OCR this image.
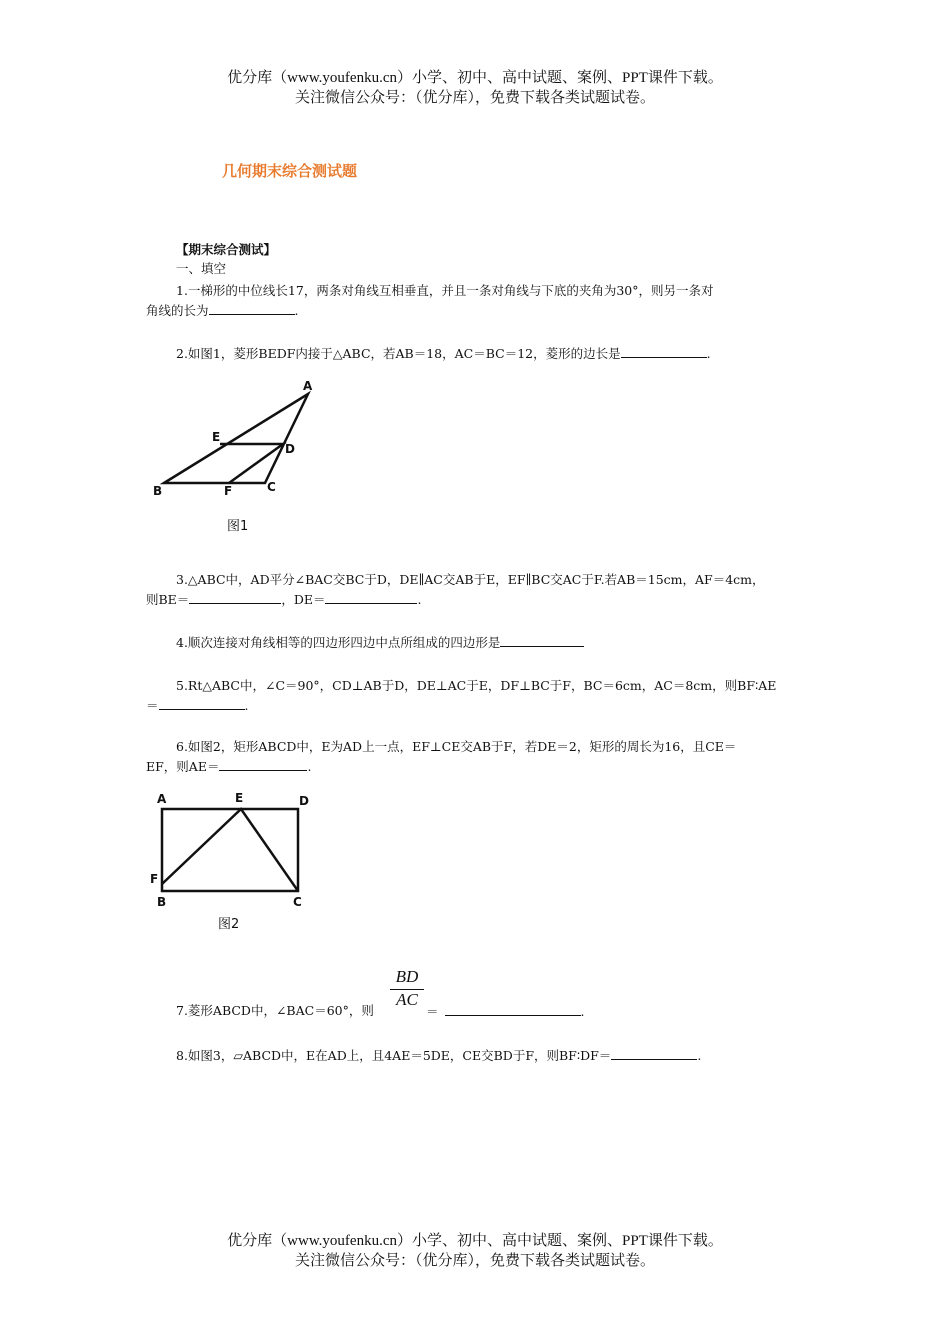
优分库（www.youfenku.cn）小学、初中、高中试题、案例、PPT课件下载。
关注微信公众号：（优分库），免费下载各类试题试卷。
几何期末综合测试题
【期末综合测试】
一、填空
1.一梯形的中位线长17，两条对角线互相垂直，并且一条对角线与下底的夹角为30°，则另一条对
角线的长为	.
2.如图1，菱形BEDF内接于△ABC，若AB＝18，AC＝BC＝12，菱形的边长是	.
A
B	C
D
E
F
图1
3.△ABC中，AD平分∠BAC交BC于D，DE∥AC交AB于E，EF∥BC交AC于F.若AB＝15cm，AF＝4cm，
则BE＝	，DE＝	.
4.顺次连接对角线相等的四边形四边中点所组成的四边形是
5.Rt△ABC中，∠C＝90°，CD⊥AB于D，DE⊥AC于E，DF⊥BC于F，BC＝6cm，AC＝8cm，则BF∶AE
＝	.
6.如图2，矩形ABCD中，E为AD上一点，EF⊥CE交AB于F，若DE＝2，矩形的周长为16，且CE＝
EF，则AE＝	.
A	E	D
F
B	C
图2
$\frac{BD}{AC}$
7.菱形ABCD中，∠BAC＝60°，则	＝	.
8.如图3，▱ABCD中，E在AD上，且4AE＝5DE，CE交BD于F，则BF∶DF＝	.
优分库（www.youfenku.cn）小学、初中、高中试题、案例、PPT课件下载。
关注微信公众号：（优分库），免费下载各类试题试卷。
